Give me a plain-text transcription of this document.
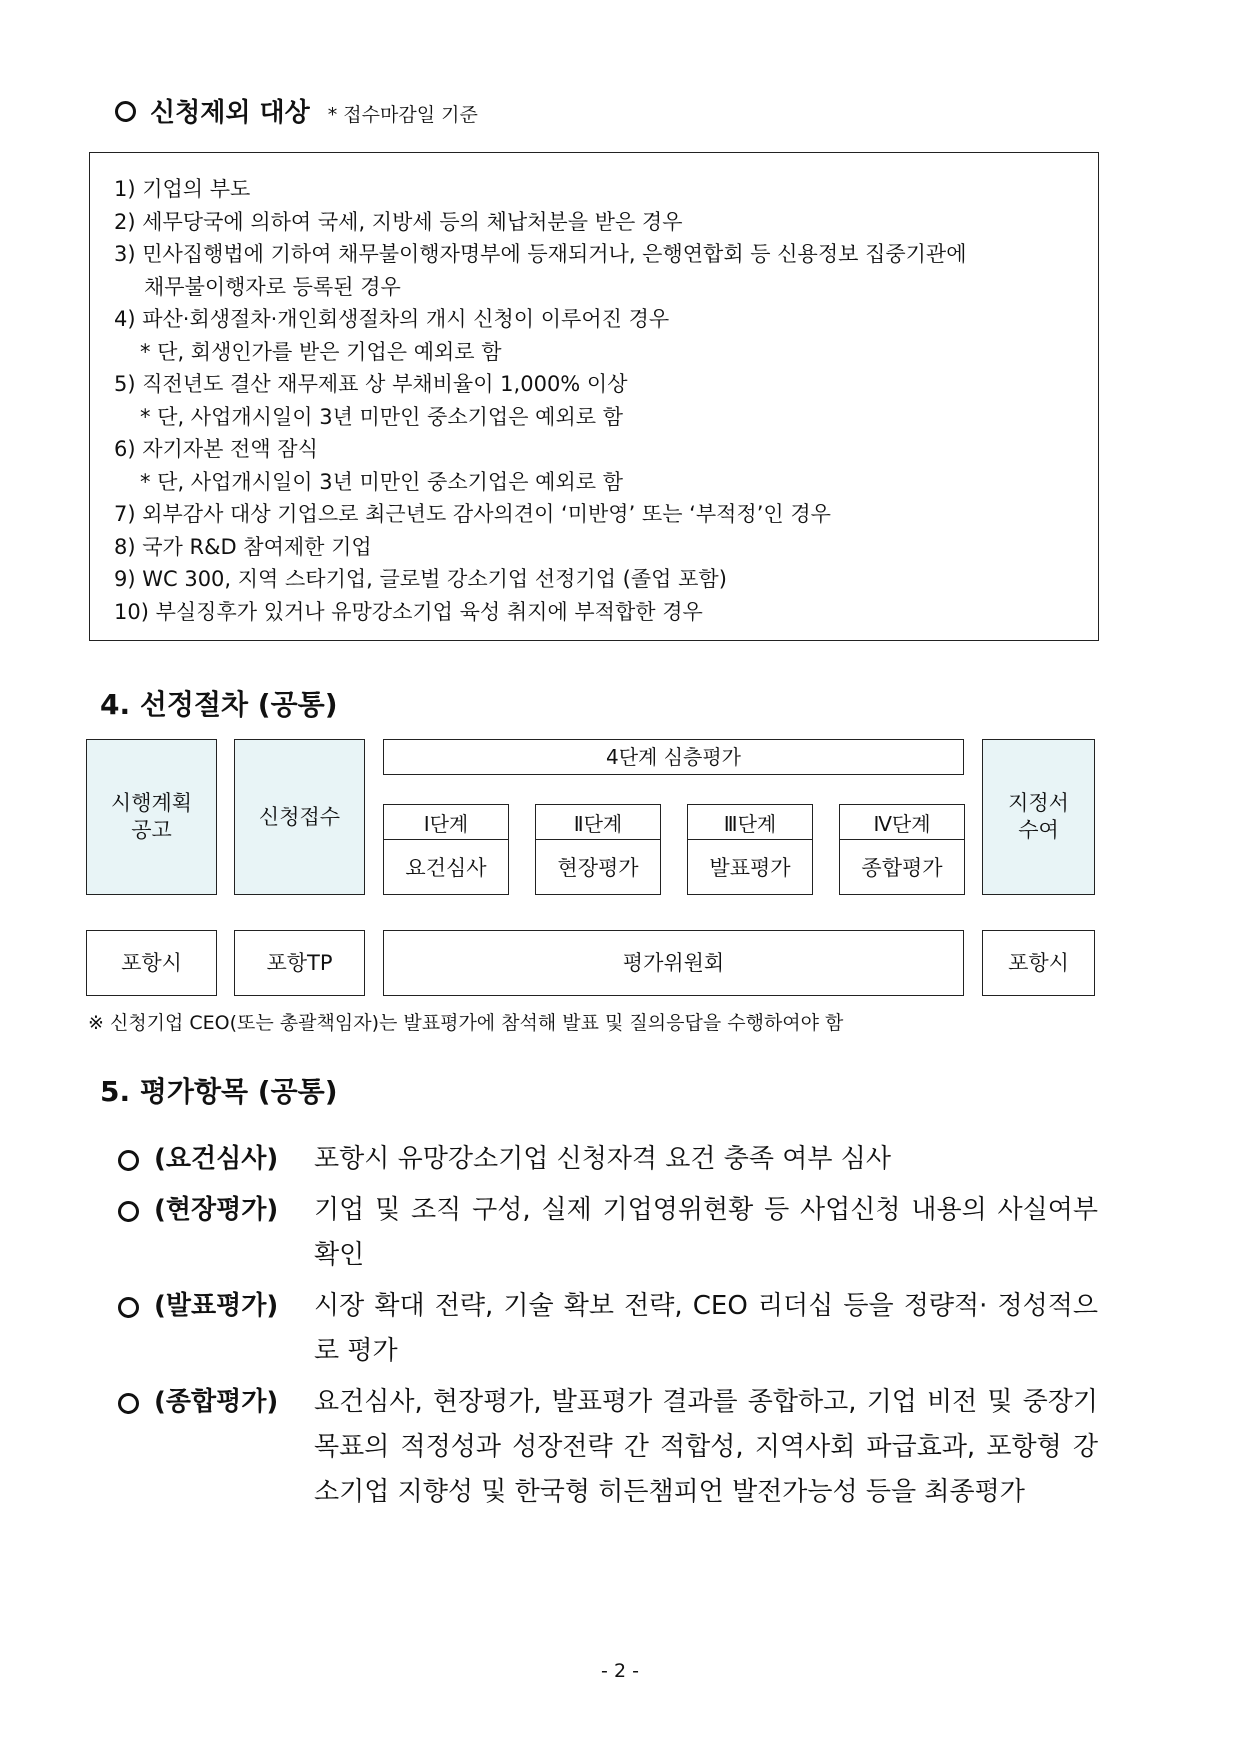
신청제외 대상 * 접수마감일 기준
1) 기업의 부도
2) 세무당국에 의하여 국세, 지방세 등의 체납처분을 받은 경우
3) 민사집행법에 기하여 채무불이행자명부에 등재되거나, 은행연합회 등 신용정보 집중기관에
채무불이행자로 등록된 경우
4) 파산·회생절차·개인회생절차의 개시 신청이 이루어진 경우
* 단, 회생인가를 받은 기업은 예외로 함
5) 직전년도 결산 재무제표 상 부채비율이 1,000% 이상
* 단, 사업개시일이 3년 미만인 중소기업은 예외로 함
6) 자기자본 전액 잠식
* 단, 사업개시일이 3년 미만인 중소기업은 예외로 함
7) 외부감사 대상 기업으로 최근년도 감사의견이 ‘미반영’ 또는 ‘부적정’인 경우
8) 국가 R&D 참여제한 기업
9) WC 300, 지역 스타기업, 글로벌 강소기업 선정기업 (졸업 포함)
10) 부실징후가 있거나 유망강소기업 육성 취지에 부적합한 경우
4. 선정절차 (공통)
시행계획
공고
신청접수
4단계 심층평가
Ⅰ단계
요건심사
Ⅱ단계
현장평가
Ⅲ단계
발표평가
Ⅳ단계
종합평가
지정서
수여
포항시	포항TP	평가위원회	포항시
※ 신청기업 CEO(또는 총괄책임자)는 발표평가에 참석해 발표 및 질의응답을 수행하여야 함
5. 평가항목 (공통)
(요건심사) 포항시 유망강소기업 신청자격 요건 충족 여부 심사
(현장평가) 기업 및 조직 구성, 실제 기업영위현황 등 사업신청 내용의 사실여부 확인
(발표평가) 시장 확대 전략, 기술 확보 전략, CEO 리더십 등을 정량적· 정성적으로 평가
(종합평가) 요건심사, 현장평가, 발표평가 결과를 종합하고, 기업 비전 및 중장기 목표의 적정성과 성장전략 간 적합성, 지역사회 파급효과, 포항형 강소기업 지향성 및 한국형 히든챔피언 발전가능성 등을 최종평가
- 2 -
